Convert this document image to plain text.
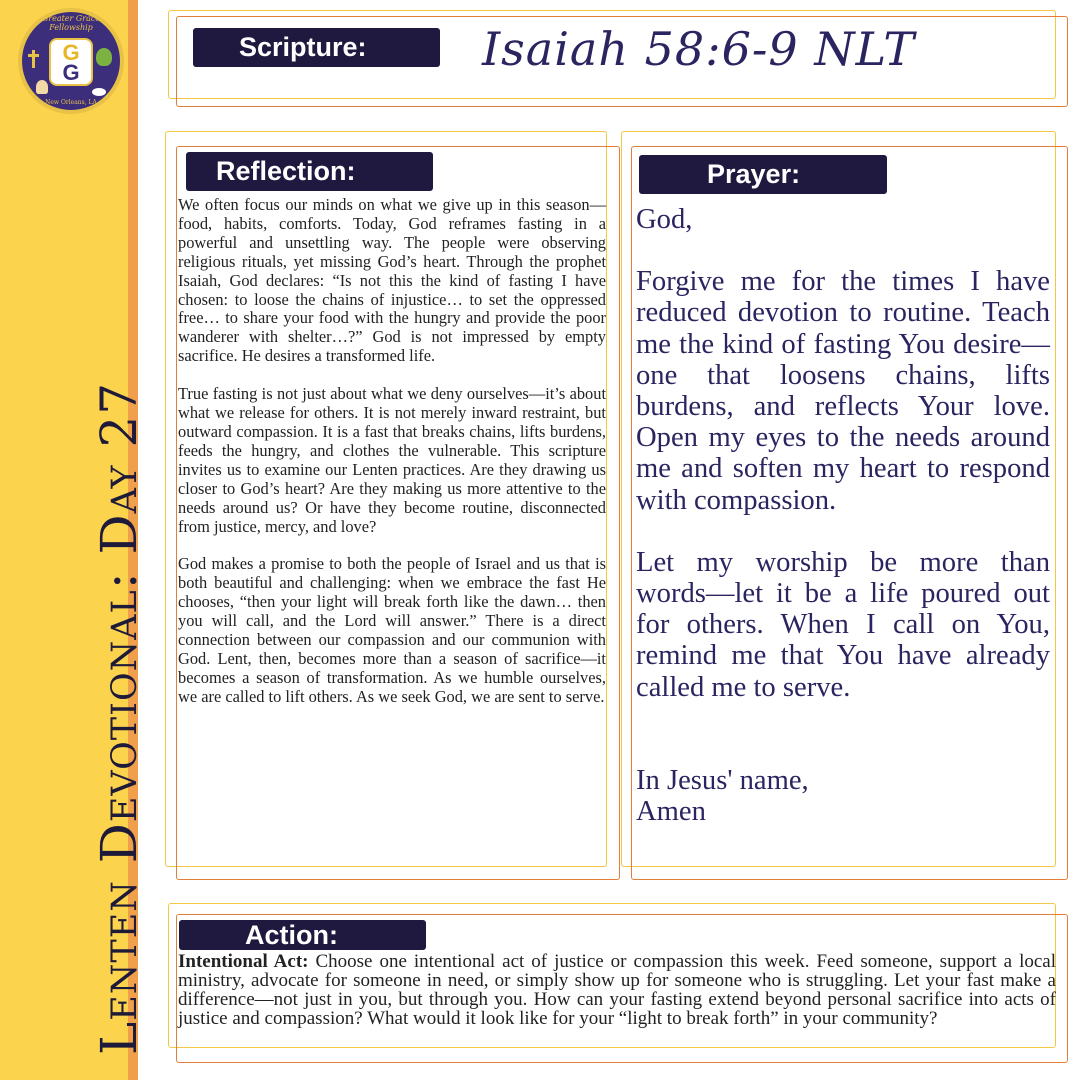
Greater Grace Fellowship
G
G
New Orleans, LA
Lenten Devotional: Day 27
Scripture:	Isaiah 58:6-9 NLT
Reflection:

We often focus our minds on what we give up in this season—food, habits, comforts. Today, God reframes fasting in a powerful and unsettling way. The people were observing religious rituals, yet missing God’s heart. Through the prophet Isaiah, God declares: “Is not this the kind of fasting I have chosen: to loose the chains of injustice… to set the oppressed free… to share your food with the hungry and provide the poor wanderer with shelter…?” God is not impressed by empty sacrifice. He desires a transformed life.

True fasting is not just about what we deny ourselves—it’s about what we release for others. It is not merely inward restraint, but outward compassion. It is a fast that breaks chains, lifts burdens, feeds the hungry, and clothes the vulnerable. This scripture invites us to examine our Lenten practices. Are they drawing us closer to God’s heart? Are they making us more attentive to the needs around us? Or have they become routine, disconnected from justice, mercy, and love?

God makes a promise to both the people of Israel and us that is both beautiful and challenging: when we embrace the fast He chooses, “then your light will break forth like the dawn… then you will call, and the Lord will answer.” There is a direct connection between our compassion and our communion with God. Lent, then, becomes more than a season of sacrifice—it becomes a season of transformation. As we humble ourselves, we are called to lift others. As we seek God, we are sent to serve.

Prayer:
God,
Forgive me for the times I have reduced devotion to routine. Teach me the kind of fasting You desire—one that loosens chains, lifts burdens, and reflects Your love. Open my eyes to the needs around me and soften my heart to respond with compassion.
Let my worship be more than words—let it be a life poured out for others. When I call on You, remind me that You have already called me to serve.
In Jesus' name,
Amen
Action:
Intentional Act: Choose one intentional act of justice or compassion this week. Feed someone, support a local ministry, advocate for someone in need, or simply show up for someone who is struggling. Let your fast make a difference—not just in you, but through you. How can your fasting extend beyond personal sacrifice into acts of justice and compassion? What would it look like for your “light to break forth” in your community?
